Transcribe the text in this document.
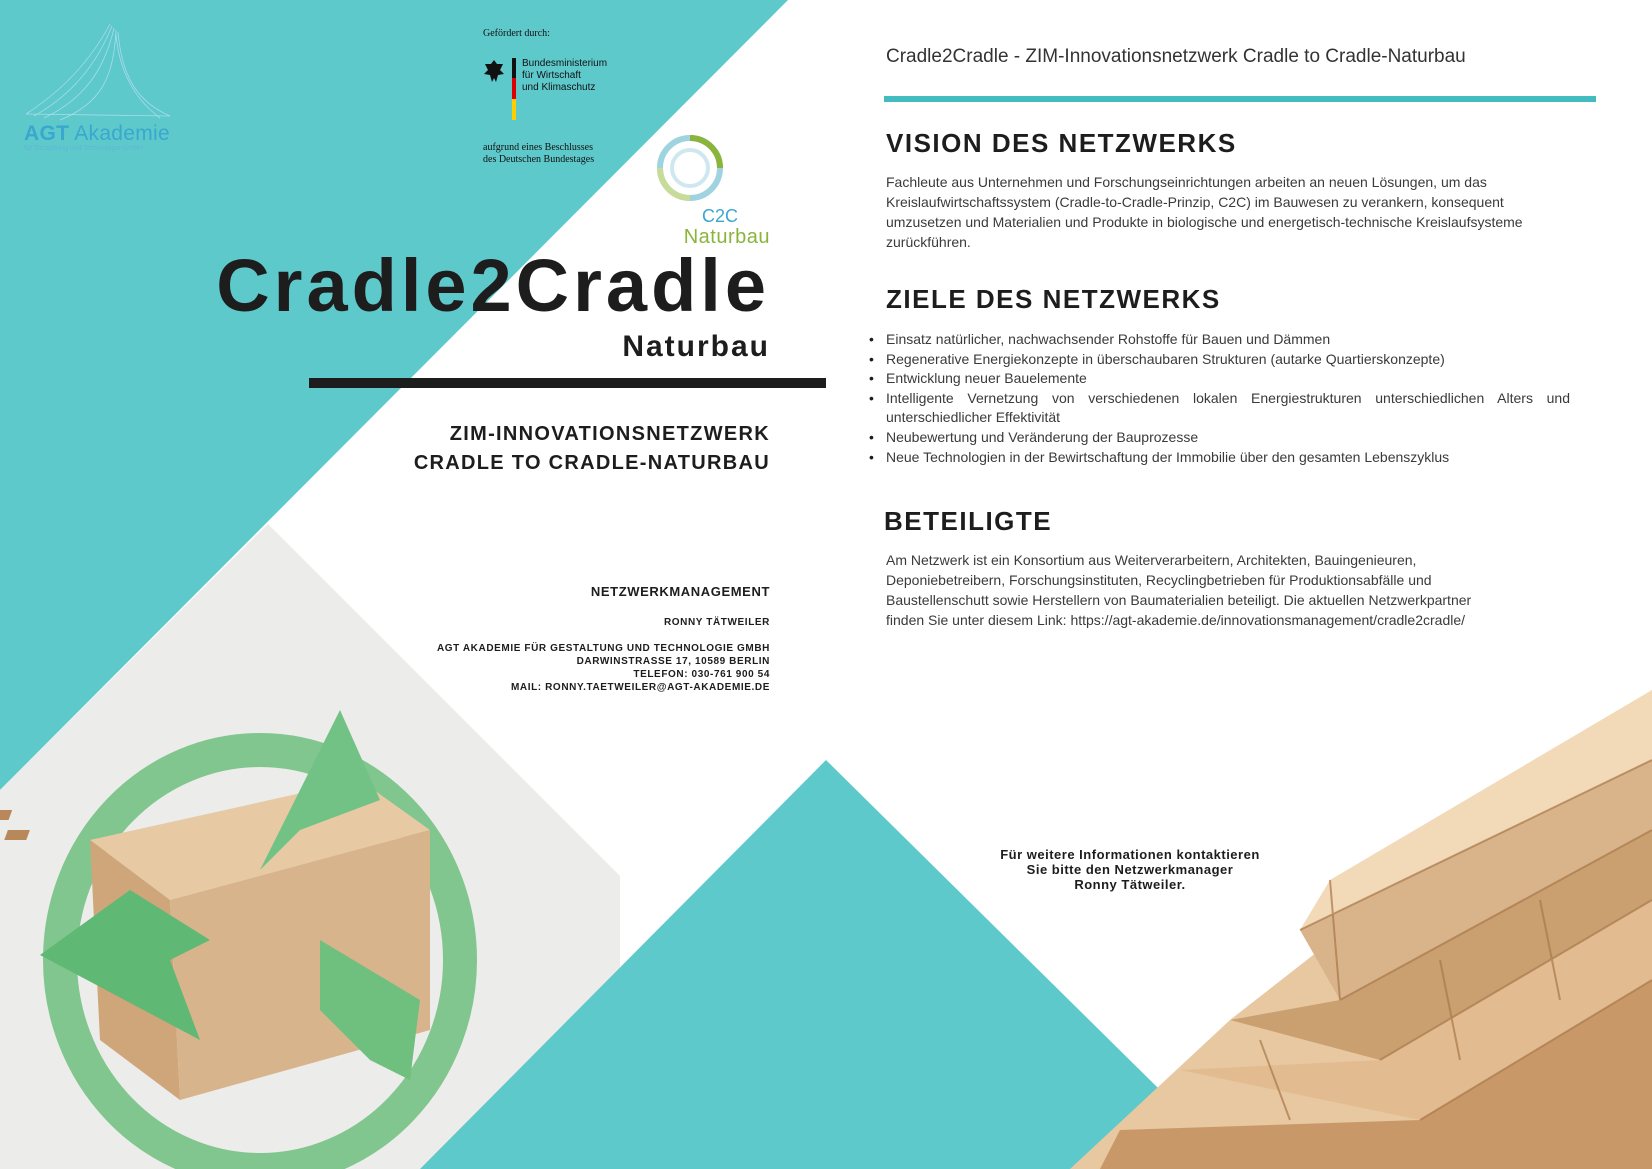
AGT Akademie
für Gestaltung und Technologie GmbH
Gefördert durch:
Bundesministerium
für Wirtschaft
und Klimaschutz
aufgrund eines Beschlusses
des Deutschen Bundestages
C2C
Naturbau
Cradle2Cradle
Naturbau
ZIM-INNOVATIONSNETZWERK
CRADLE TO CRADLE-NATURBAU
NETZWERKMANAGEMENT
RONNY TÄTWEILER
AGT AKADEMIE FÜR GESTALTUNG UND TECHNOLOGIE GMBH
DARWINSTRASSE 17, 10589 BERLIN
TELEFON: 030-761 900 54
MAIL: RONNY.TAETWEILER@AGT-AKADEMIE.DE
Cradle2Cradle - ZIM-Innovationsnetzwerk Cradle to Cradle-Naturbau
VISION DES NETZWERKS
Fachleute aus Unternehmen und Forschungseinrichtungen arbeiten an neuen Lösungen, um das Kreislaufwirtschaftssystem (Cradle-to-Cradle-Prinzip, C2C) im Bauwesen zu verankern, konsequent umzusetzen und Materialien und Produkte in biologische und energetisch-technische Kreislaufsysteme zurückführen.
ZIELE DES NETZWERKS
• Einsatz natürlicher, nachwachsender Rohstoffe für Bauen und Dämmen
• Regenerative Energiekonzepte in überschaubaren Strukturen (autarke Quartierskonzepte)
• Entwicklung neuer Bauelemente
• Intelligente Vernetzung von verschiedenen lokalen Energiestrukturen unterschiedlichen Alters und unterschiedlicher Effektivität
• Neubewertung und Veränderung der Bauprozesse
• Neue Technologien in der Bewirtschaftung der Immobilie über den gesamten Lebenszyklus
BETEILIGTE
Am Netzwerk ist ein Konsortium aus Weiterverarbeitern, Architekten, Bauingenieuren, Deponiebetreibern, Forschungsinstituten, Recyclingbetrieben für Produktionsabfälle und Baustellenschutt sowie Herstellern von Baumaterialien beteiligt. Die aktuellen Netzwerkpartner finden Sie unter diesem Link: https://agt-akademie.de/innovationsmanagement/cradle2cradle/
Für weitere Informationen kontaktieren
Sie bitte den Netzwerkmanager
Ronny Tätweiler.
